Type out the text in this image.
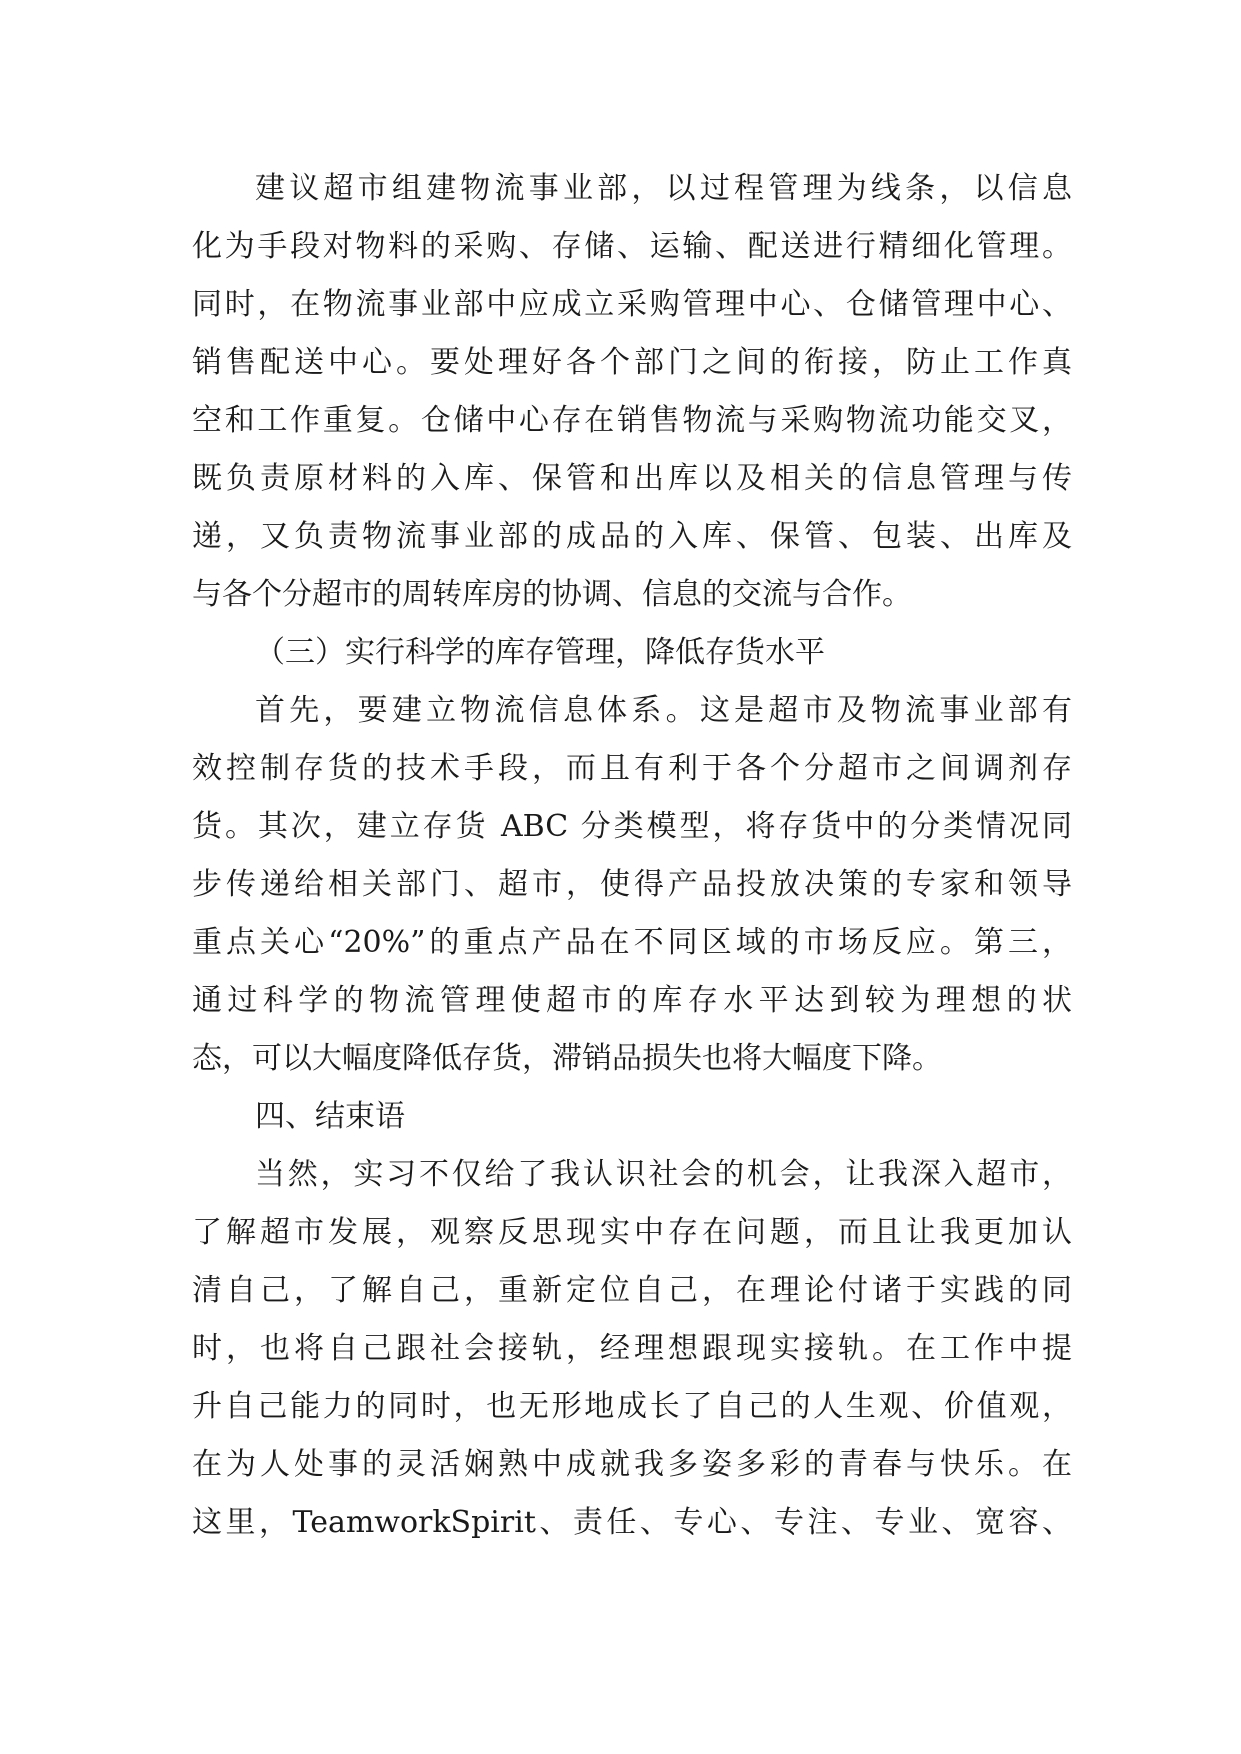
建议超市组建物流事业部，以过程管理为线条，以信息
化为手段对物料的采购、存储、运输、配送进行精细化管理。
同时，在物流事业部中应成立采购管理中心、仓储管理中心、
销售配送中心。要处理好各个部门之间的衔接，防止工作真
空和工作重复。仓储中心存在销售物流与采购物流功能交叉，
既负责原材料的入库、保管和出库以及相关的信息管理与传
递，又负责物流事业部的成品的入库、保管、包装、出库及
与各个分超市的周转库房的协调、信息的交流与合作。
（三）实行科学的库存管理，降低存货水平
首先，要建立物流信息体系。这是超市及物流事业部有
效控制存货的技术手段，而且有利于各个分超市之间调剂存
货。其次，建立存货 ABC 分类模型，将存货中的分类情况同
步传递给相关部门、超市，使得产品投放决策的专家和领导
重点关心“20%”的重点产品在不同区域的市场反应。第三，
通过科学的物流管理使超市的库存水平达到较为理想的状
态，可以大幅度降低存货，滞销品损失也将大幅度下降。
四、结束语
当然，实习不仅给了我认识社会的机会，让我深入超市，
了解超市发展，观察反思现实中存在问题，而且让我更加认
清自己，了解自己，重新定位自己，在理论付诸于实践的同
时，也将自己跟社会接轨，经理想跟现实接轨。在工作中提
升自己能力的同时，也无形地成长了自己的人生观、价值观，
在为人处事的灵活娴熟中成就我多姿多彩的青春与快乐。在
这里，TeamworkSpirit、责任、专心、专注、专业、宽容、
